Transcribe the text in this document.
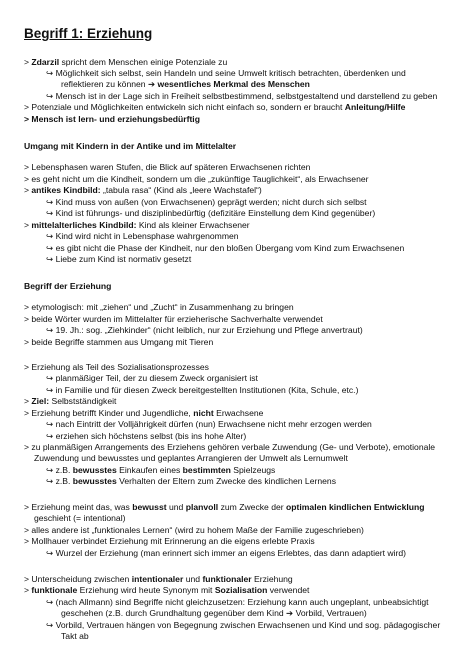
Begriff 1: Erziehung
> Zdarzil spricht dem Menschen einige Potenziale zu
↪ Möglichkeit sich selbst, sein Handeln und seine Umwelt kritisch betrachten, überdenken und
reflektieren zu können ➔ wesentliches Merkmal des Menschen
↪ Mensch ist in der Lage sich in Freiheit selbstbestimmend, selbstgestaltend und darstellend zu geben
> Potenziale und Möglichkeiten entwickeln sich nicht einfach so, sondern er braucht Anleitung/Hilfe
> Mensch ist lern- und erziehungsbedürftig
Umgang mit Kindern in der Antike und im Mittelalter
> Lebensphasen waren Stufen, die Blick auf späteren Erwachsenen richten
> es geht nicht um die Kindheit, sondern um die „zukünftige Tauglichkeit“, als Erwachsener
> antikes Kindbild: „tabula rasa“ (Kind als „leere Wachstafel“)
↪ Kind muss von außen (von Erwachsenen) geprägt werden; nicht durch sich selbst
↪ Kind ist führungs- und disziplinbedürftig (defizitäre Einstellung dem Kind gegenüber)
> mittelalterliches Kindbild: Kind als kleiner Erwachsener
↪ Kind wird nicht in Lebensphase wahrgenommen
↪ es gibt nicht die Phase der Kindheit, nur den bloßen Übergang vom Kind zum Erwachsenen
↪ Liebe zum Kind ist normativ gesetzt
Begriff der Erziehung
> etymologisch: mit „ziehen“ und „Zucht“ in Zusammenhang zu bringen
> beide Wörter wurden im Mittelalter für erzieherische Sachverhalte verwendet
↪ 19. Jh.: sog. „Ziehkinder“ (nicht leiblich, nur zur Erziehung und Pflege anvertraut)
> beide Begriffe stammen aus Umgang mit Tieren
> Erziehung als Teil des Sozialisationsprozesses
↪ planmäßiger Teil, der zu diesem Zweck organisiert ist
↪ in Familie und für diesen Zweck bereitgestellten Institutionen (Kita, Schule, etc.)
> Ziel: Selbstständigkeit
> Erziehung betrifft Kinder und Jugendliche, nicht Erwachsene
↪ nach Eintritt der Volljährigkeit dürfen (nun) Erwachsene nicht mehr erzogen werden
↪ erziehen sich höchstens selbst (bis ins hohe Alter)
> zu planmäßigen Arrangements des Erziehens gehören verbale Zuwendung (Ge- und Verbote), emotionale
Zuwendung und bewusstes und geplantes Arrangieren der Umwelt als Lernumwelt
↪ z.B. bewusstes Einkaufen eines bestimmten Spielzeugs
↪ z.B. bewusstes Verhalten der Eltern zum Zwecke des kindlichen Lernens
> Erziehung meint das, was bewusst und planvoll zum Zwecke der optimalen kindlichen Entwicklung
geschieht (= intentional)
> alles andere ist „funktionales Lernen“ (wird zu hohem Maße der Familie zugeschrieben)
> Mollhauer verbindet Erziehung mit Erinnerung an die eigens erlebte Praxis
↪ Wurzel der Erziehung (man erinnert sich immer an eigens Erlebtes, das dann adaptiert wird)
> Unterscheidung zwischen intentionaler und funktionaler Erziehung
> funktionale Erziehung wird heute Synonym mit Sozialisation verwendet
↪ (nach Allmann) sind Begriffe nicht gleichzusetzen: Erziehung kann auch ungeplant, unbeabsichtigt
geschehen (z.B. durch Grundhaltung gegenüber dem Kind ➔ Vorbild, Vertrauen)
↪ Vorbild, Vertrauen hängen von Begegnung zwischen Erwachsenen und Kind und sog. pädagogischer
Takt ab
